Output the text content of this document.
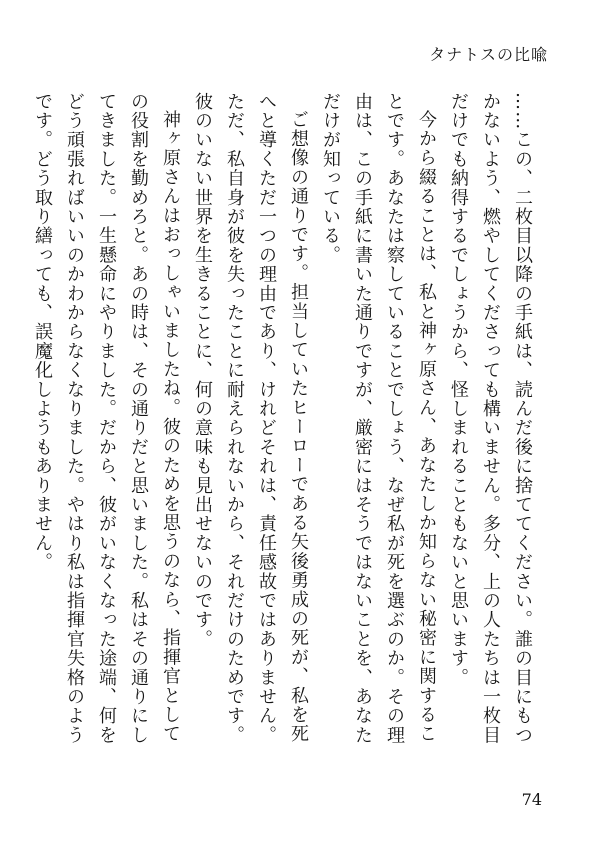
タナトスの比喩

……この、二枚目以降の手紙は、読んだ後に捨ててください。誰の目にもつかないよう、燃やしてくださっても構いません。多分、上の人たちは一枚目だけでも納得するでしょうから、怪しまれることもないと思います。

今から綴ることは、私と神ヶ原さん、あなたしか知らない秘密に関することです。あなたは察していることでしょう、なぜ私が死を選ぶのか。その理由は、この手紙に書いた通りですが、厳密にはそうではないことを、あなただけが知っている。

ご想像の通りです。担当していたヒーローである矢後勇成の死が、私を死へと導くただ一つの理由であり、けれどそれは、責任感故ではありません。ただ、私自身が彼を失ったことに耐えられないから、それだけのためです。彼のいない世界を生きることに、何の意味も見出せないのです。

神ヶ原さんはおっしゃいましたね。彼のためを思うのなら、指揮官としての役割を勤めろと。あの時は、その通りだと思いました。私はその通りにしてきました。一生懸命にやりました。だから、彼がいなくなった途端、何をどう頑張ればいいのかわからなくなりました。やはり私は指揮官失格のようです。どう取り繕っても、誤魔化しようもありません。

74
